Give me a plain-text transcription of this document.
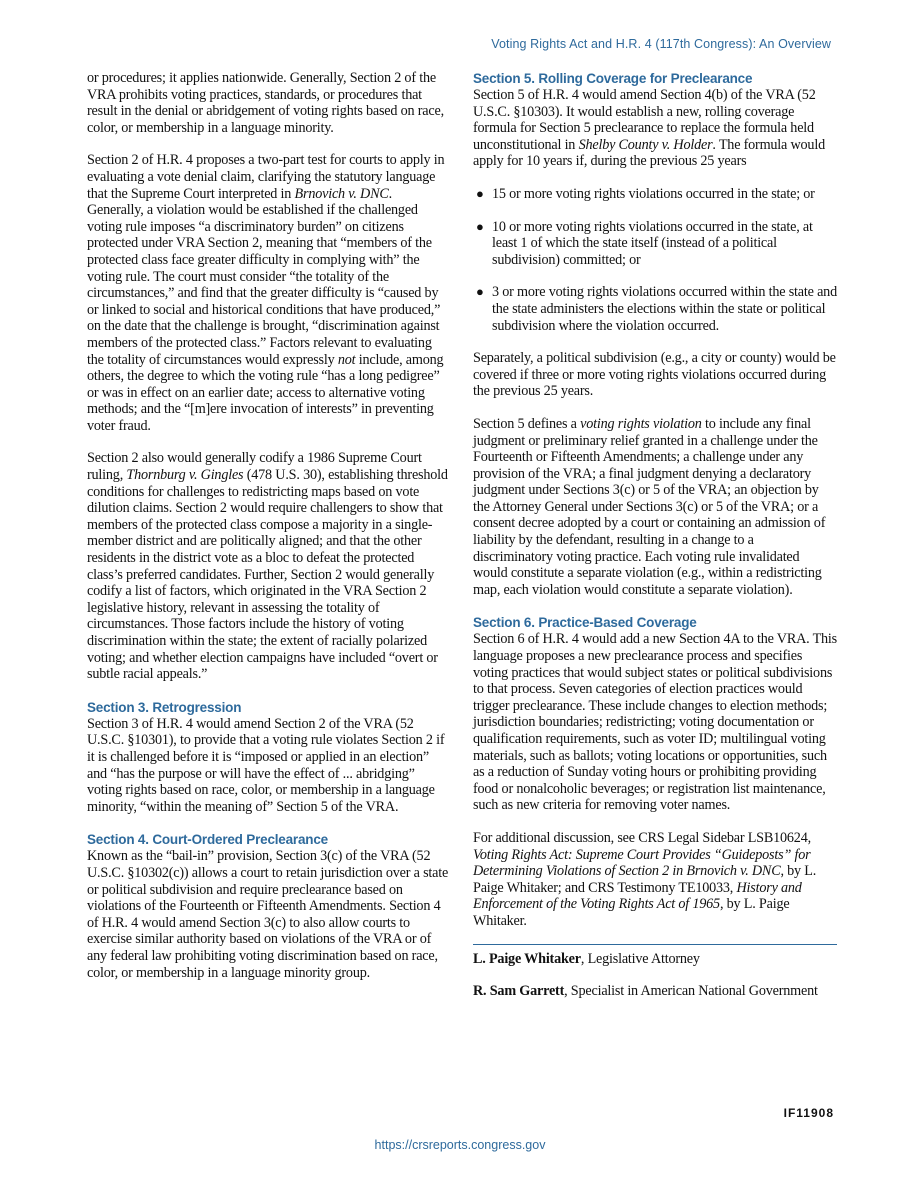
Voting Rights Act and H.R. 4 (117th Congress): An Overview

or procedures; it applies nationwide. Generally, Section 2 of the VRA prohibits voting practices, standards, or procedures that result in the denial or abridgement of voting rights based on race, color, or membership in a language minority.

Section 2 of H.R. 4 proposes a two-part test for courts to apply in evaluating a vote denial claim, clarifying the statutory language that the Supreme Court interpreted in Brnovich v. DNC. Generally, a violation would be established if the challenged voting rule imposes “a discriminatory burden” on citizens protected under VRA Section 2, meaning that “members of the protected class face greater difficulty in complying with” the voting rule. The court must consider “the totality of the circumstances,” and find that the greater difficulty is “caused by or linked to social and historical conditions that have produced,” on the date that the challenge is brought, “discrimination against members of the protected class.” Factors relevant to evaluating the totality of circumstances would expressly not include, among others, the degree to which the voting rule “has a long pedigree” or was in effect on an earlier date; access to alternative voting methods; and the “[m]ere invocation of interests” in preventing voter fraud.

Section 2 also would generally codify a 1986 Supreme Court ruling, Thornburg v. Gingles (478 U.S. 30), establishing threshold conditions for challenges to redistricting maps based on vote dilution claims. Section 2 would require challengers to show that members of the protected class compose a majority in a single-member district and are politically aligned; and that the other residents in the district vote as a bloc to defeat the protected class’s preferred candidates. Further, Section 2 would generally codify a list of factors, which originated in the VRA Section 2 legislative history, relevant in assessing the totality of circumstances. Those factors include the history of voting discrimination within the state; the extent of racially polarized voting; and whether election campaigns have included “overt or subtle racial appeals.”

Section 3. Retrogression

Section 3 of H.R. 4 would amend Section 2 of the VRA (52 U.S.C. §10301), to provide that a voting rule violates Section 2 if it is challenged before it is “imposed or applied in an election” and “has the purpose or will have the effect of ... abridging” voting rights based on race, color, or membership in a language minority, “within the meaning of” Section 5 of the VRA.

Section 4. Court-Ordered Preclearance

Known as the “bail-in” provision, Section 3(c) of the VRA (52 U.S.C. §10302(c)) allows a court to retain jurisdiction over a state or political subdivision and require preclearance based on violations of the Fourteenth or Fifteenth Amendments. Section 4 of H.R. 4 would amend Section 3(c) to also allow courts to exercise similar authority based on violations of the VRA or of any federal law prohibiting voting discrimination based on race, color, or membership in a language minority group.

Section 5. Rolling Coverage for Preclearance

Section 5 of H.R. 4 would amend Section 4(b) of the VRA (52 U.S.C. §10303). It would establish a new, rolling coverage formula for Section 5 preclearance to replace the formula held unconstitutional in Shelby County v. Holder. The formula would apply for 10 years if, during the previous 25 years

● 15 or more voting rights violations occurred in the state; or
● 10 or more voting rights violations occurred in the state, at least 1 of which the state itself (instead of a political subdivision) committed; or
● 3 or more voting rights violations occurred within the state and the state administers the elections within the state or political subdivision where the violation occurred.

Separately, a political subdivision (e.g., a city or county) would be covered if three or more voting rights violations occurred during the previous 25 years.

Section 5 defines a voting rights violation to include any final judgment or preliminary relief granted in a challenge under the Fourteenth or Fifteenth Amendments; a challenge under any provision of the VRA; a final judgment denying a declaratory judgment under Sections 3(c) or 5 of the VRA; an objection by the Attorney General under Sections 3(c) or 5 of the VRA; or a consent decree adopted by a court or containing an admission of liability by the defendant, resulting in a change to a discriminatory voting practice. Each voting rule invalidated would constitute a separate violation (e.g., within a redistricting map, each violation would constitute a separate violation).

Section 6. Practice-Based Coverage

Section 6 of H.R. 4 would add a new Section 4A to the VRA. This language proposes a new preclearance process and specifies voting practices that would subject states or political subdivisions to that process. Seven categories of election practices would trigger preclearance. These include changes to election methods; jurisdiction boundaries; redistricting; voting documentation or qualification requirements, such as voter ID; multilingual voting materials, such as ballots; voting locations or opportunities, such as a reduction of Sunday voting hours or prohibiting providing food or nonalcoholic beverages; or registration list maintenance, such as new criteria for removing voter names.

For additional discussion, see CRS Legal Sidebar LSB10624, Voting Rights Act: Supreme Court Provides “Guideposts” for Determining Violations of Section 2 in Brnovich v. DNC, by L. Paige Whitaker; and CRS Testimony TE10033, History and Enforcement of the Voting Rights Act of 1965, by L. Paige Whitaker.

L. Paige Whitaker, Legislative Attorney

R. Sam Garrett, Specialist in American National Government

IF11908
https://crsreports.congress.gov
